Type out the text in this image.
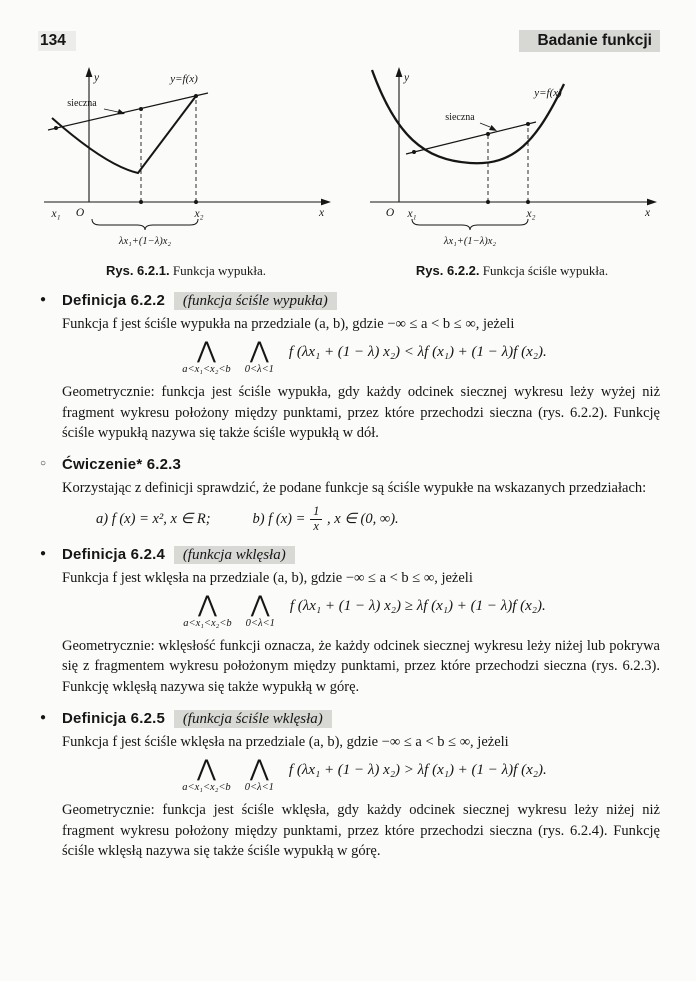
134	Badanie funkcji
y
x
O
x₁	x₂
y=f(x)
sieczna
λx₁+(1−λ)x₂
Rys. 6.2.1. Funkcja wypukła.
y
x
O x₁	x₂
y=f(x)
sieczna
λx₁+(1−λ)x₂
Rys. 6.2.2. Funkcja ściśle wypukła.
● Definicja 6.2.2 (funkcja ściśle wypukła)

Funkcja f jest ściśle wypukła na przedziale (a, b), gdzie −∞ ≤ a < b ≤ ∞, jeżeli

⋀
a<x₁<x₂<b
⋀
0<λ<1
f (λx₁ + (1 − λ) x₂) < λf (x₁) + (1 − λ)f (x₂).

Geometrycznie: funkcja jest ściśle wypukła, gdy każdy odcinek siecznej wykresu leży wyżej niż fragment wykresu położony między punktami, przez które przechodzi sieczna (rys. 6.2.2). Funkcję ściśle wypukłą nazywa się także ściśle wypukłą w dół.

○ Ćwiczenie* 6.2.3

Korzystając z definicji sprawdzić, że podane funkcje są ściśle wypukłe na wskazanych przedziałach:

a) f (x) = x², x ∈ R;	b) f $(x) = \frac{1}{x}$ , x ∈ (0, ∞).
● Definicja 6.2.4 (funkcja wklęsła)

Funkcja f jest wklęsła na przedziale (a, b), gdzie −∞ ≤ a < b ≤ ∞, jeżeli

⋀
a<x₁<x₂<b
⋀
0<λ<1
f (λx₁ + (1 − λ) x₂) ≥ λf (x₁) + (1 − λ)f (x₂).

Geometrycznie: wklęsłość funkcji oznacza, że każdy odcinek siecznej wykresu leży niżej lub pokrywa się z fragmentem wykresu położonym między punktami, przez które przechodzi sieczna (rys. 6.2.3). Funkcję wklęsłą nazywa się także wypukłą w górę.

● Definicja 6.2.5 (funkcja ściśle wklęsła)

Funkcja f jest ściśle wklęsła na przedziale (a, b), gdzie −∞ ≤ a < b ≤ ∞, jeżeli

⋀
a<x₁<x₂<b
⋀
0<λ<1
f (λx₁ + (1 − λ) x₂) > λf (x₁) + (1 − λ)f (x₂).

Geometrycznie: funkcja jest ściśle wklęsła, gdy każdy odcinek siecznej wykresu leży niżej niż fragment wykresu położony między punktami, przez które przechodzi sieczna (rys. 6.2.4). Funkcję ściśle wklęsłą nazywa się także ściśle wypukłą w górę.
